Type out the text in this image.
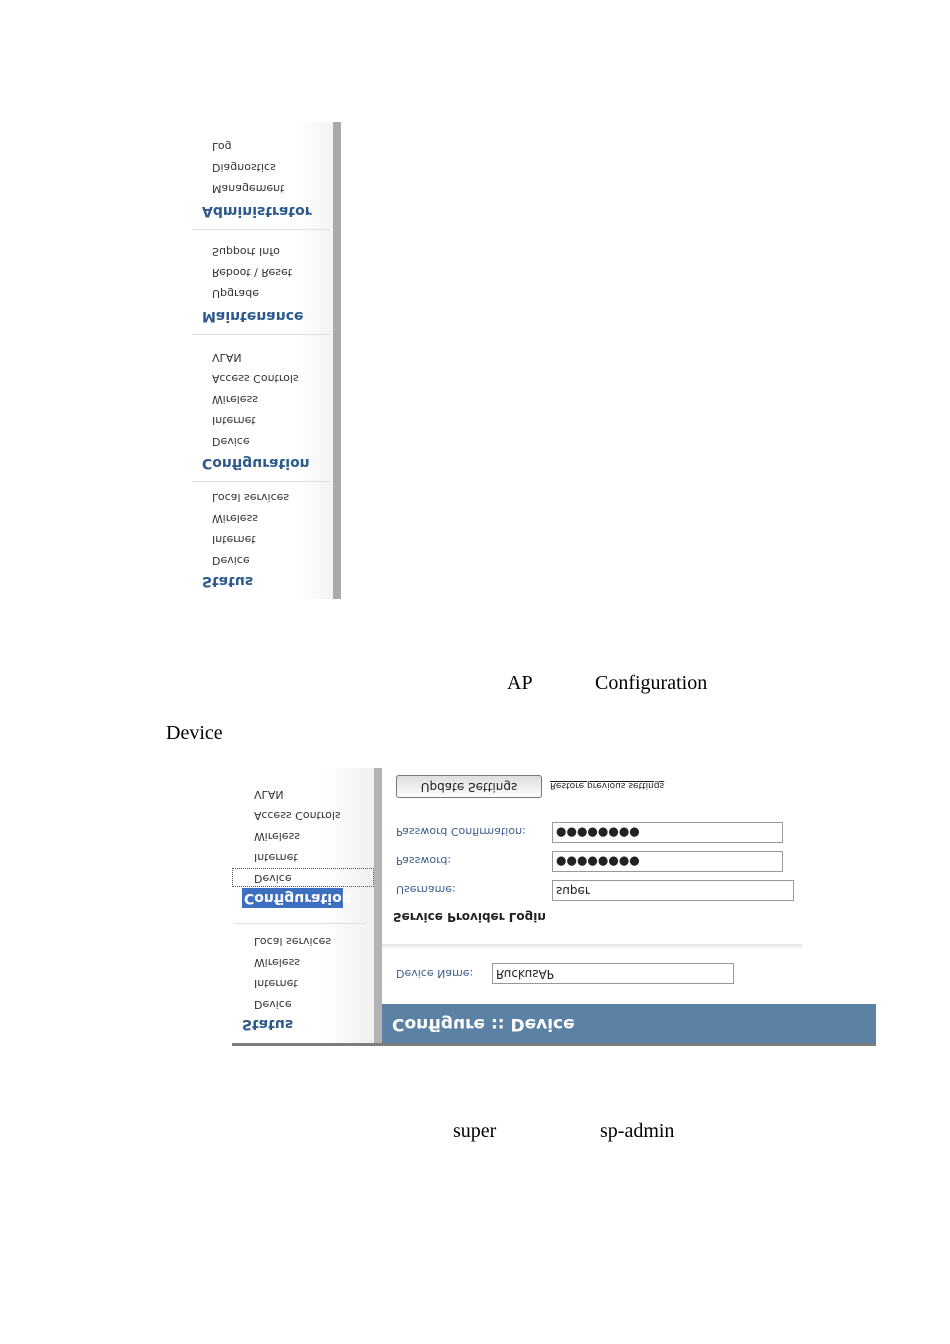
Status
Device
Internet
Wireless
Local services
Configuration
Device
Internet
Wireless
Access Controls
VLAN
Maintenance
Upgrade
Reboot \ Reset
Support Info
Administrator
Management
Diagnostics
Log
AP	Configuration
Device
Status
Device
Internet
Wireless
Local services
Configuration
Device
Internet
Wireless
Access Controls
VLAN
Configure :: Device
Device Name:	RuckusAP
Service Provider Login
Username:	super
Password:	●●●●●●●●
Password Confirmation:	●●●●●●●●
Update Settings	Restore previous settings
super	sp-admin
